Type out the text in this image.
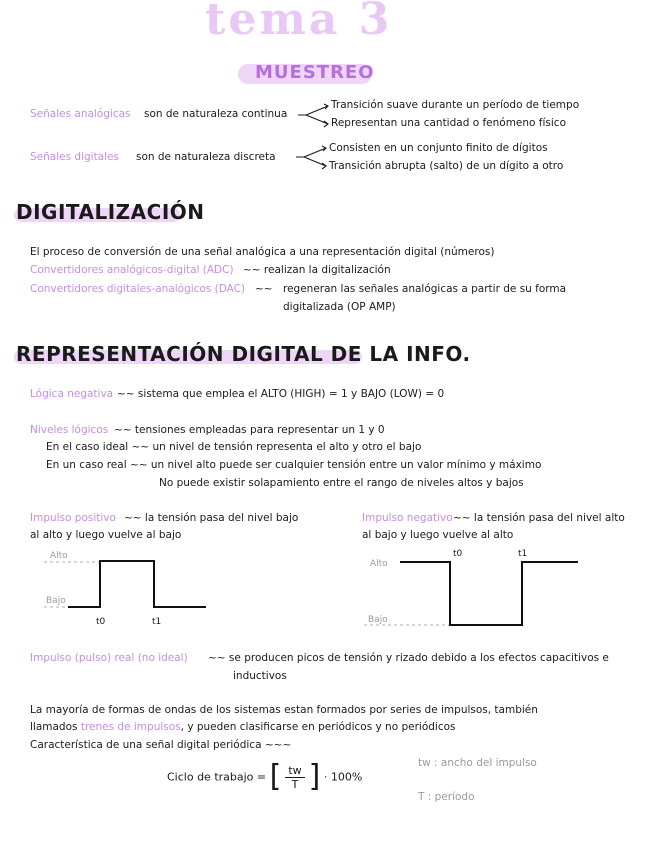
tema 3
MUESTREO
Señales analógicas son de naturaleza continua
Transición suave durante un período de tiempo
Representan una cantidad o fenómeno físico
Señales digitales son de naturaleza discreta
Consisten en un conjunto finito de dígitos
Transición abrupta (salto) de un dígito a otro
DIGITALIZACIÓN
El proceso de conversión de una señal analógica a una representación digital (números)
Convertidores analógicos-digital (ADC) ~~ realizan la digitalización
Convertidores digitales-analógicos (DAC) ~~ regeneran las señales analógicas a partir de su forma
digitalizada (OP AMP)
REPRESENTACIÓN DIGITAL DE LA INFO.
Lógica negativa ~~ sistema que emplea el ALTO (HIGH) = 1 y BAJO (LOW) = 0
Niveles lógicos ~~ tensiones empleadas para representar un 1 y 0
En el caso ideal ~~ un nivel de tensión representa el alto y otro el bajo
En un caso real ~~ un nivel alto puede ser cualquier tensión entre un valor mínimo y máximo
No puede existir solapamiento entre el rango de niveles altos y bajos
Impulso positivo ~~ la tensión pasa del nivel bajo
al alto y luego vuelve al bajo
Impulso negativo ~~ la tensión pasa del nivel alto
al bajo y luego vuelve al alto
Alto
Bajo
t0	t1
Alto
Bajo
t0	t1
Impulso (pulso) real (no ideal) ~~ se producen picos de tensión y rizado debido a los efectos capacitivos e
inductivos
La mayoría de formas de ondas de los sistemas estan formados por series de impulsos, también
llamados trenes de impulsos, y pueden clasificarse en periódicos y no periódicos
Característica de una señal digital periódica ~~~
Ciclo de trabajo = [ $\frac{tw}{T}$ ] · 100%
tw : ancho del impulso
T : período
